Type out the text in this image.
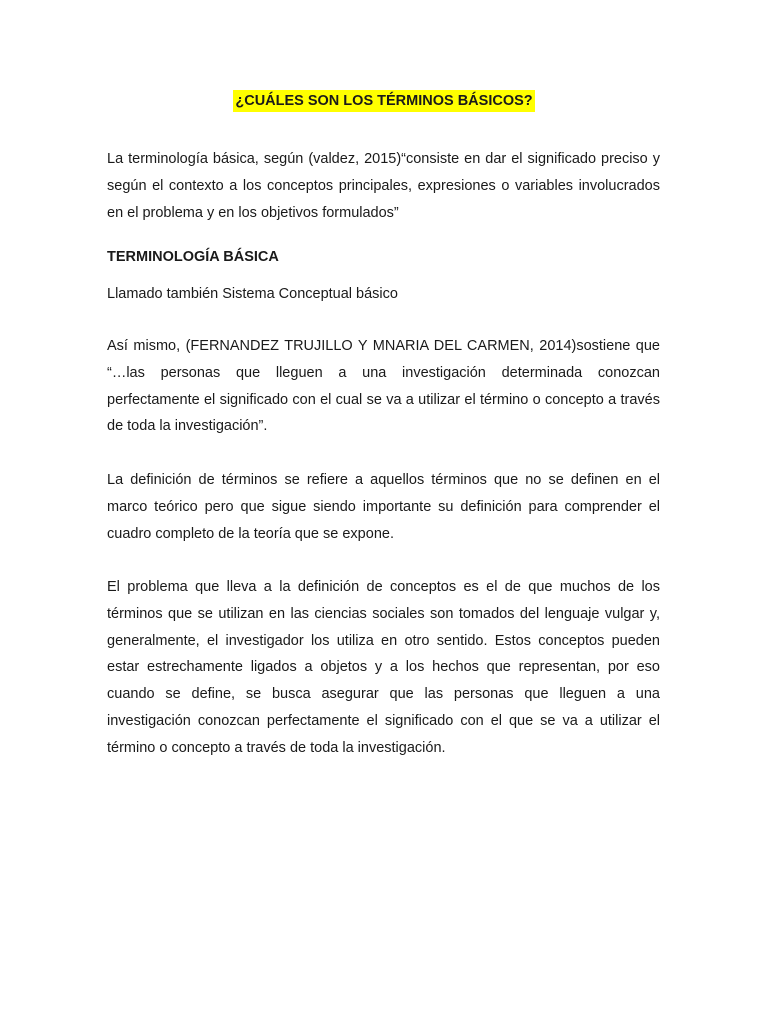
¿CUÁLES SON LOS TÉRMINOS BÁSICOS?

La terminología básica, según (valdez, 2015)“consiste en dar el significado preciso y según el contexto a los conceptos principales, expresiones o variables involucrados en el problema y en los objetivos formulados”

TERMINOLOGÍA BÁSICA

Llamado también Sistema Conceptual básico

Así mismo, (FERNANDEZ TRUJILLO Y MNARIA DEL CARMEN, 2014)sostiene que “…las personas que lleguen a una investigación determinada conozcan perfectamente el significado con el cual se va a utilizar el término o concepto a través de toda la investigación”.

La definición de términos se refiere a aquellos términos que no se definen en el marco teórico pero que sigue siendo importante su definición para comprender el cuadro completo de la teoría que se expone.

El problema que lleva a la definición de conceptos es el de que muchos de los términos que se utilizan en las ciencias sociales son tomados del lenguaje vulgar y, generalmente, el investigador los utiliza en otro sentido. Estos conceptos pueden estar estrechamente ligados a objetos y a los hechos que representan, por eso cuando se define, se busca asegurar que las personas que lleguen a una investigación conozcan perfectamente el significado con el que se va a utilizar el término o concepto a través de toda la investigación.
